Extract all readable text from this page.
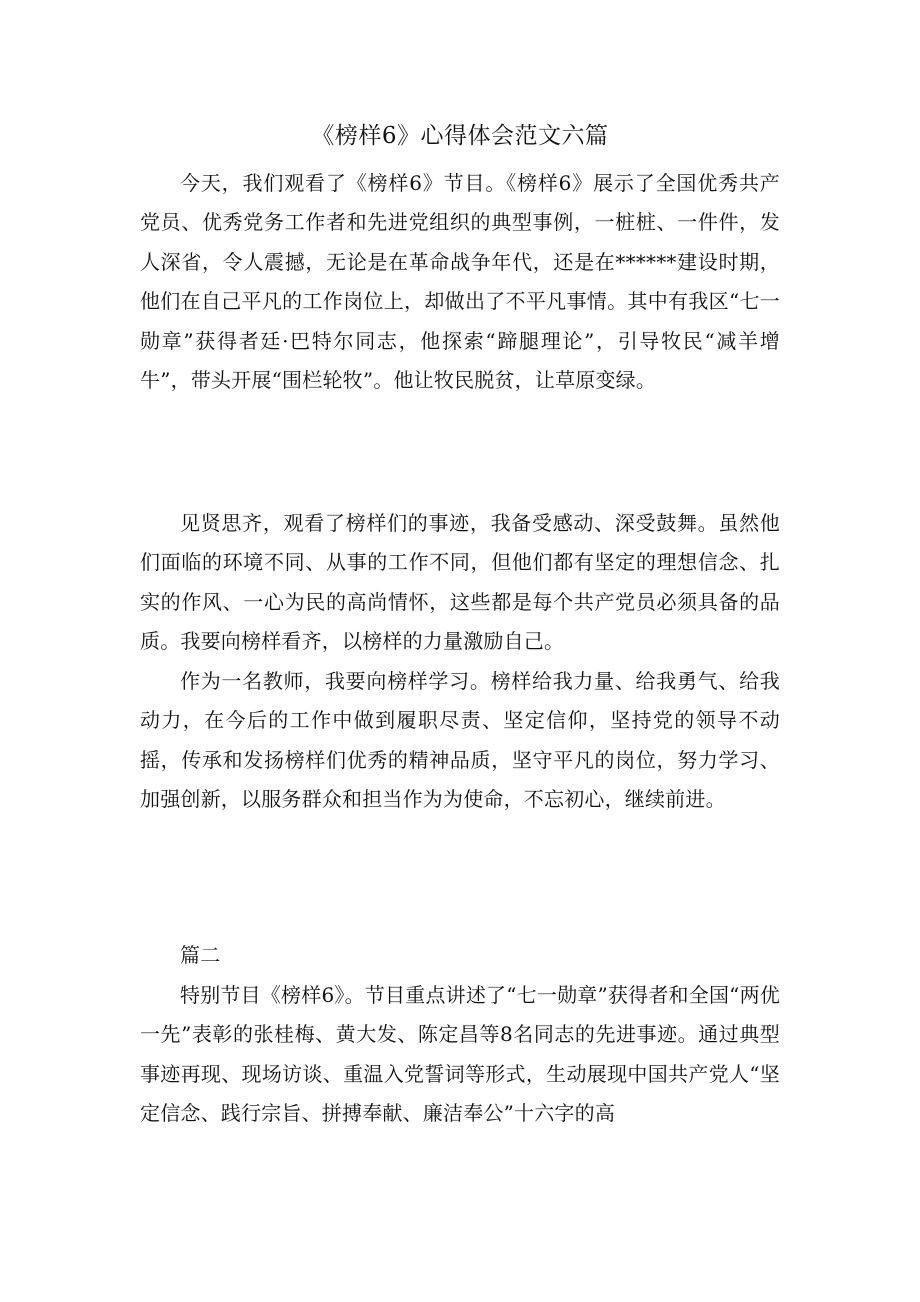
《榜样6》心得体会范文六篇

今天，我们观看了《榜样6》节目。《榜样6》展示了全国优秀共产党员、优秀党务工作者和先进党组织的典型事例，一桩桩、一件件，发人深省，令人震撼，无论是在革命战争年代，还是在******建设时期，他们在自己平凡的工作岗位上，却做出了不平凡事情。其中有我区“七一勋章”获得者廷·巴特尔同志，他探索“蹄腿理论”，引导牧民“减羊增牛”，带头开展“围栏轮牧”。他让牧民脱贫，让草原变绿。

见贤思齐，观看了榜样们的事迹，我备受感动、深受鼓舞。虽然他们面临的环境不同、从事的工作不同，但他们都有坚定的理想信念、扎实的作风、一心为民的高尚情怀，这些都是每个共产党员必须具备的品质。我要向榜样看齐，以榜样的力量激励自己。

作为一名教师，我要向榜样学习。榜样给我力量、给我勇气、给我动力，在今后的工作中做到履职尽责、坚定信仰，坚持党的领导不动摇，传承和发扬榜样们优秀的精神品质，坚守平凡的岗位，努力学习、加强创新，以服务群众和担当作为为使命，不忘初心，继续前进。

篇二

特别节目《榜样6》。节目重点讲述了“七一勋章”获得者和全国“两优一先”表彰的张桂梅、黄大发、陈定昌等8名同志的先进事迹。通过典型事迹再现、现场访谈、重温入党誓词等形式，生动展现中国共产党人“坚定信念、践行宗旨、拼搏奉献、廉洁奉公”十六字的高
